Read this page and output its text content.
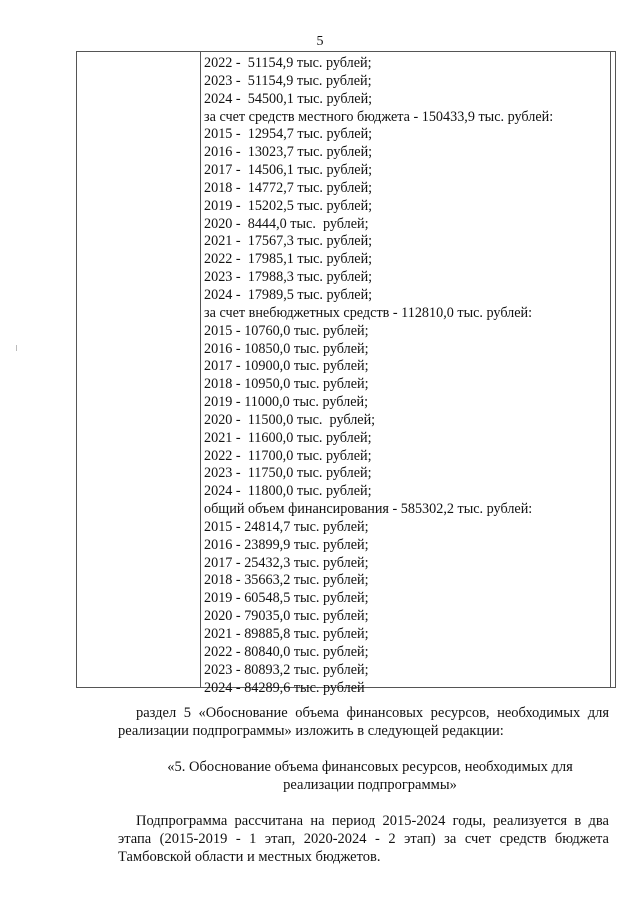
5
2022 -  51154,9 тыс. рублей;
2023 -  51154,9 тыс. рублей;
2024 -  54500,1 тыс. рублей;
за счет средств местного бюджета - 150433,9 тыс. рублей:
2015 -  12954,7 тыс. рублей;
2016 -  13023,7 тыс. рублей;
2017 -  14506,1 тыс. рублей;
2018 -  14772,7 тыс. рублей;
2019 -  15202,5 тыс. рублей;
2020 -  8444,0 тыс.  рублей;
2021 -  17567,3 тыс. рублей;
2022 -  17985,1 тыс. рублей;
2023 -  17988,3 тыс. рублей;
2024 -  17989,5 тыс. рублей;
за счет внебюджетных средств - 112810,0 тыс. рублей:
2015 - 10760,0 тыс. рублей;
2016 - 10850,0 тыс. рублей;
2017 - 10900,0 тыс. рублей;
2018 - 10950,0 тыс. рублей;
2019 - 11000,0 тыс. рублей;
2020 -  11500,0 тыс.  рублей;
2021 -  11600,0 тыс. рублей;
2022 -  11700,0 тыс. рублей;
2023 -  11750,0 тыс. рублей;
2024 -  11800,0 тыс. рублей;
общий объем финансирования - 585302,2 тыс. рублей:
2015 - 24814,7 тыс. рублей;
2016 - 23899,9 тыс. рублей;
2017 - 25432,3 тыс. рублей;
2018 - 35663,2 тыс. рублей;
2019 - 60548,5 тыс. рублей;
2020 - 79035,0 тыс. рублей;
2021 - 89885,8 тыс. рублей;
2022 - 80840,0 тыс. рублей;
2023 - 80893,2 тыс. рублей;
2024 - 84289,6 тыс. рублей

раздел 5 «Обоснование объема финансовых ресурсов, необходимых для

реализации подпрограммы» изложить в следующей редакции:

«5. Обоснование объема финансовых ресурсов, необходимых для

реализации подпрограммы»

Подпрограмма рассчитана на период 2015-2024 годы, реализуется в два

этапа (2015-2019 - 1 этап, 2020-2024 - 2 этап) за счет средств бюджета

Тамбовской области и местных бюджетов.
